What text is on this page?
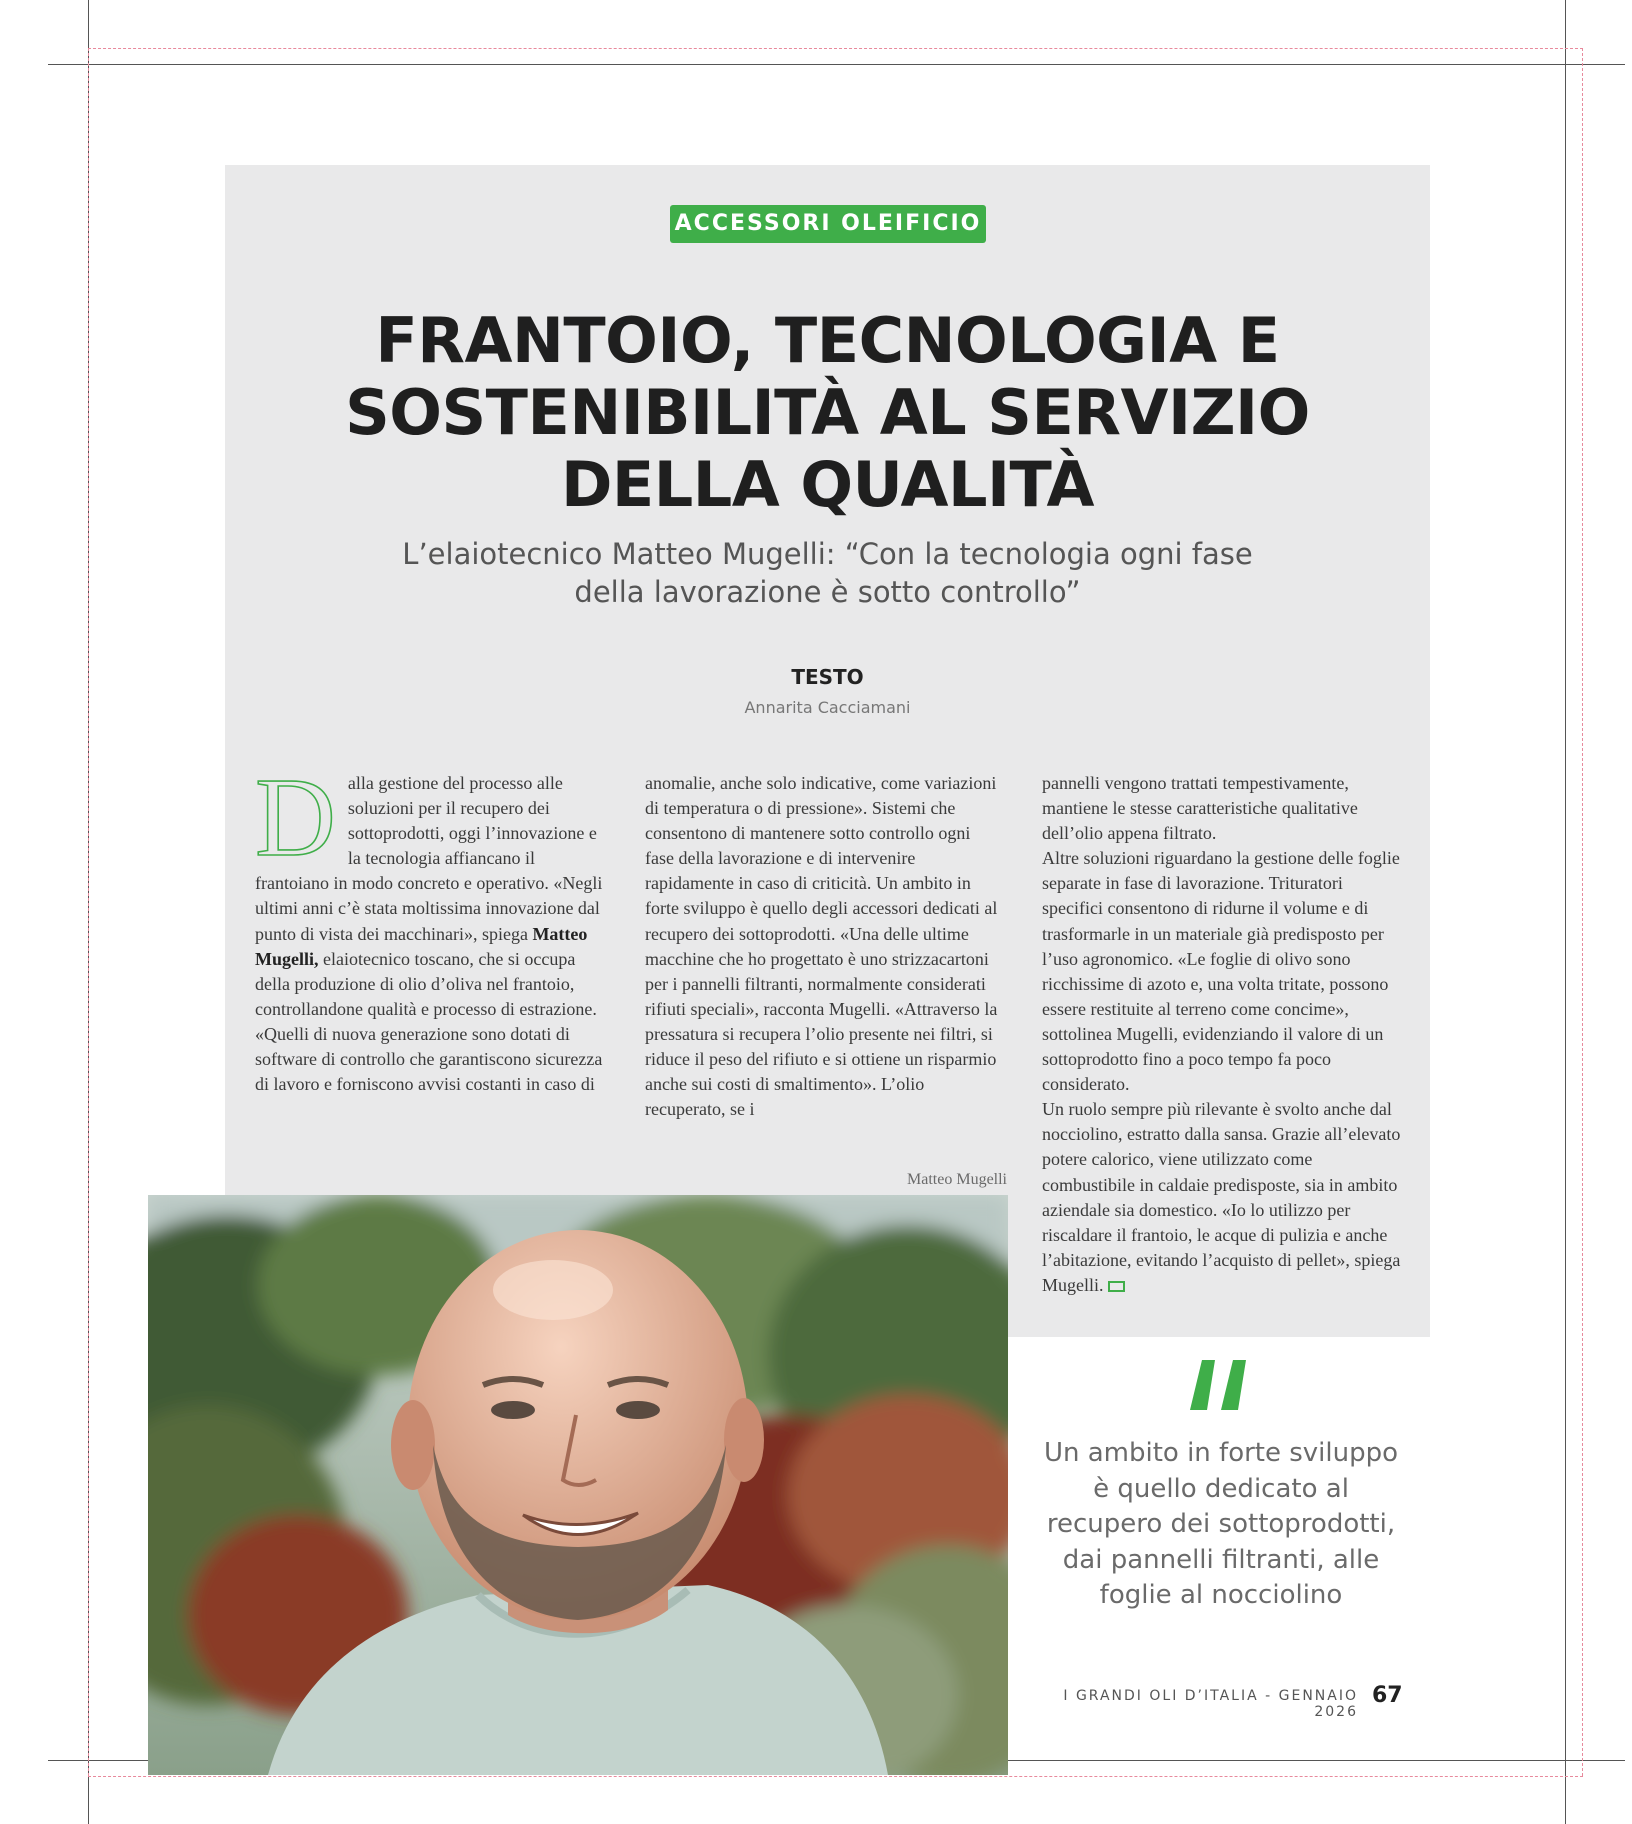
ACCESSORI OLEIFICIO
FRANTOIO, TECNOLOGIA E
SOSTENIBILITÀ AL SERVIZIO
DELLA QUALITÀ
L’elaiotecnico Matteo Mugelli: “Con la tecnologia ogni fase della lavorazione è sotto controllo”
TESTO
Annarita Cacciamani

Dalla gestione del processo alle soluzioni per il recupero dei sottoprodotti, oggi l’innovazione e la tecnologia affiancano il frantoiano in modo concreto e operativo. «Negli ultimi anni c’è stata moltissima innovazione dal punto di vista dei macchinari», spiega Matteo Mugelli, elaiotecnico toscano, che si occupa della produzione di olio d’oliva nel frantoio, controllandone qualità e processo di estrazione. «Quelli di nuova generazione sono dotati di software di controllo che garantiscono sicurezza di lavoro e forniscono avvisi costanti in caso di

anomalie, anche solo indicative, come variazioni di temperatura o di pressione». Sistemi che consentono di mantenere sotto controllo ogni fase della lavorazione e di intervenire rapidamente in caso di criticità. Un ambito in forte sviluppo è quello degli accessori dedicati al recupero dei sottoprodotti. «Una delle ultime macchine che ho progettato è uno strizzacartoni per i pannelli filtranti, normalmente considerati rifiuti speciali», racconta Mugelli. «Attraverso la pressatura si recupera l’olio presente nei filtri, si riduce il peso del rifiuto e si ottiene un risparmio anche sui costi di smaltimento». L’olio recuperato, se i

pannelli vengono trattati tempestivamente, mantiene le stesse caratteristiche qualitative dell’olio appena filtrato.

Altre soluzioni riguardano la gestione delle foglie separate in fase di lavorazione. Trituratori specifici consentono di ridurne il volume e di trasformarle in un materiale già predisposto per l’uso agronomico. «Le foglie di olivo sono ricchissime di azoto e, una volta tritate, possono essere restituite al terreno come concime», sottolinea Mugelli, evidenziando il valore di un sottoprodotto fino a poco tempo fa poco considerato.

Un ruolo sempre più rilevante è svolto anche dal nocciolino, estratto dalla sansa. Grazie all’elevato potere calorico, viene utilizzato come combustibile in caldaie predisposte, sia in ambito aziendale sia domestico. «Io lo utilizzo per riscaldare il frantoio, le acque di pulizia e anche l’abitazione, evitando l’acquisto di pellet», spiega Mugelli.

Matteo Mugelli
Un ambito in forte sviluppo è quello dedicato al recupero dei sottoprodotti, dai pannelli filtranti, alle foglie al nocciolino
I GRANDI OLI D’ITALIA - GENNAIO 2026
67
